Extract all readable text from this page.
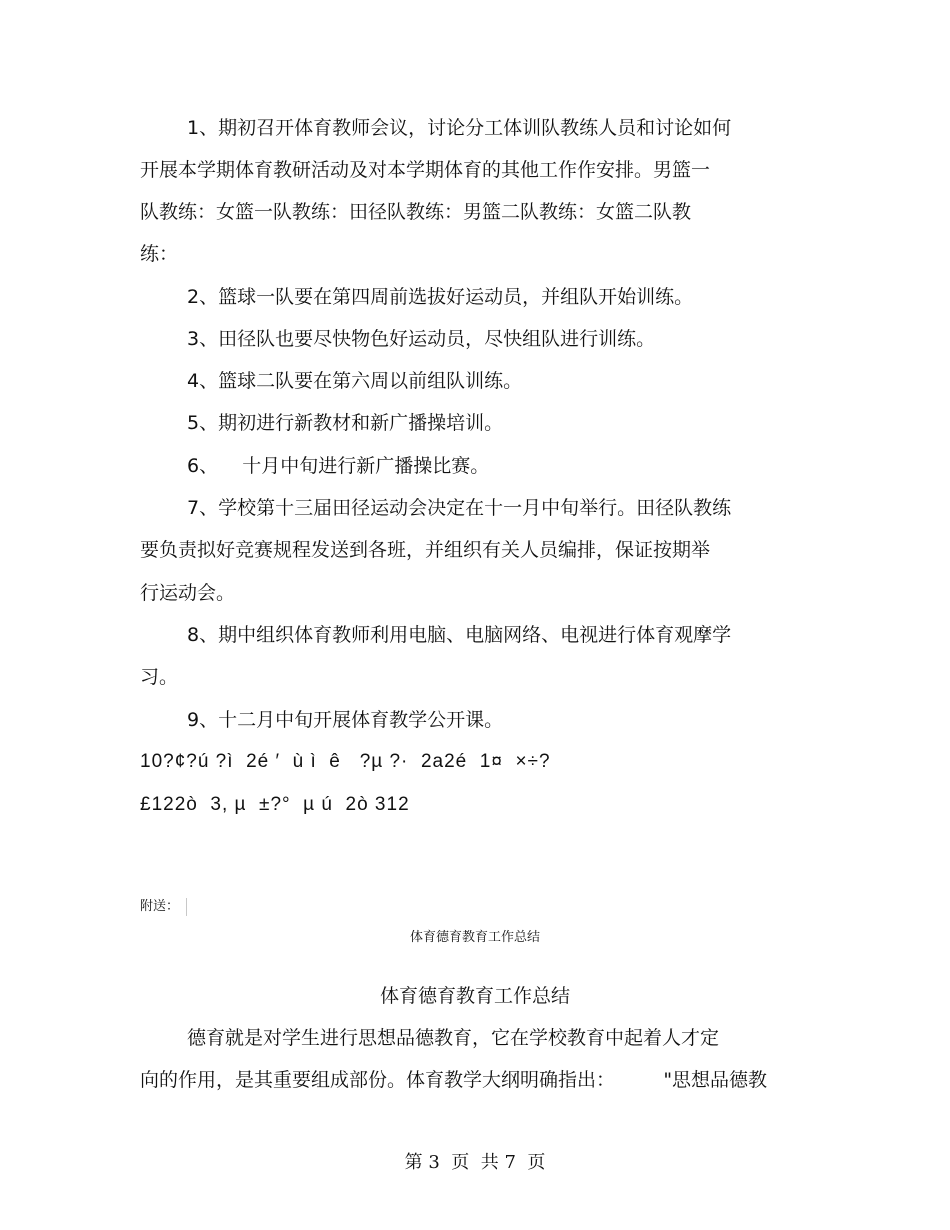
1、期初召开体育教师会议，讨论分工体训队教练人员和讨论如何
开展本学期体育教研活动及对本学期体育的其他工作作安排。男篮一
队教练：女篮一队教练：田径队教练：男篮二队教练：女篮二队教
练：
2、篮球一队要在第四周前选拔好运动员，并组队开始训练。
3、田径队也要尽快物色好运动员，尽快组队进行训练。
4、篮球二队要在第六周以前组队训练。
5、期初进行新教材和新广播操培训。
6、    十月中旬进行新广播操比赛。
7、学校第十三届田径运动会决定在十一月中旬举行。田径队教练
要负责拟好竞赛规程发送到各班，并组织有关人员编排，保证按期举
行运动会。
8、期中组织体育教师利用电脑、电脑网络、电视进行体育观摩学
习。
9、十二月中旬开展体育教学公开课。
10?¢?ú ?ì  2é ′  ù ì  ê   ?µ ?·  2a2é  1¤  ×÷?
£122ò  3, µ  ±?°  µ ú  2ò 312
附送：
体育德育教育工作总结
体育德育教育工作总结
德育就是对学生进行思想品德教育，它在学校教育中起着人才定
向的作用，是其重要组成部份。体育教学大纲明确指出：        "思想品德教
第 3  页  共 7  页
